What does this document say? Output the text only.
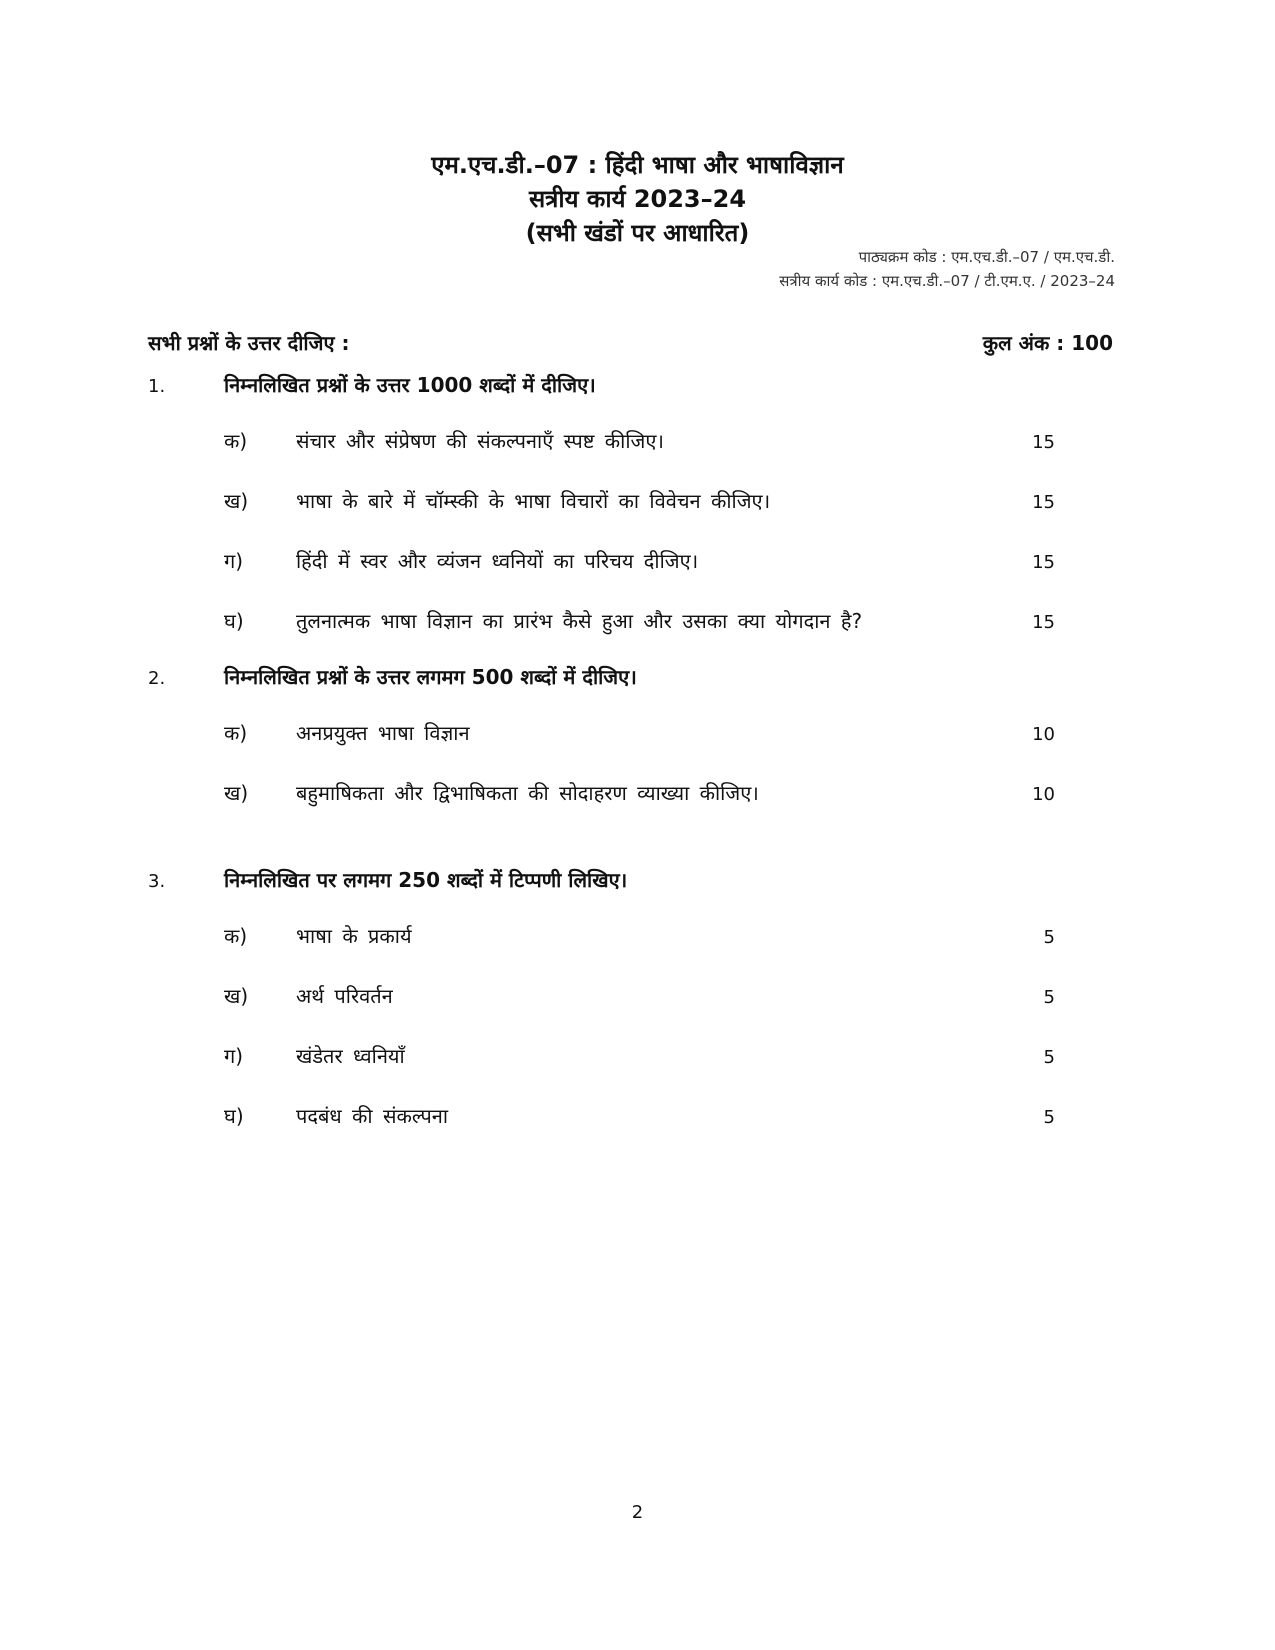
एम.एच.डी.–07 : हिंदी भाषा और भाषाविज्ञान
सत्रीय कार्य 2023–24
(सभी खंडों पर आधारित)
पाठ्यक्रम कोड : एम.एच.डी.–07 / एम.एच.डी.
सत्रीय कार्य कोड : एम.एच.डी.–07 / टी.एम.ए. / 2023–24
सभी प्रश्नों के उत्तर दीजिए :	कुल अंक : 100
1.	निम्नलिखित प्रश्नों के उत्तर 1000 शब्दों में दीजिए।
क) संचार और संप्रेषण की संकल्पनाएँ स्पष्ट कीजिए।	15
ख) भाषा के बारे में चॉम्स्की के भाषा विचारों का विवेचन कीजिए।	15
ग)	हिंदी में स्वर और व्यंजन ध्वनियों का परिचय दीजिए।	15
घ)	तुलनात्मक भाषा विज्ञान का प्रारंभ कैसे हुआ और उसका क्या योगदान है?	15
2.	निम्नलिखित प्रश्नों के उत्तर लगमग 500 शब्दों में दीजिए।
क) अनप्रयुक्त भाषा विज्ञान	10
ख) बहुमाषिकता और द्विभाषिकता की सोदाहरण व्याख्या कीजिए।	10
3.	निम्नलिखित पर लगमग 250 शब्दों में टिप्पणी लिखिए।
क) भाषा के प्रकार्य	5
ख) अर्थ परिवर्तन	5
ग)	खंडेतर ध्वनियाँ	5
घ)	पदबंध की संकल्पना	5
2
